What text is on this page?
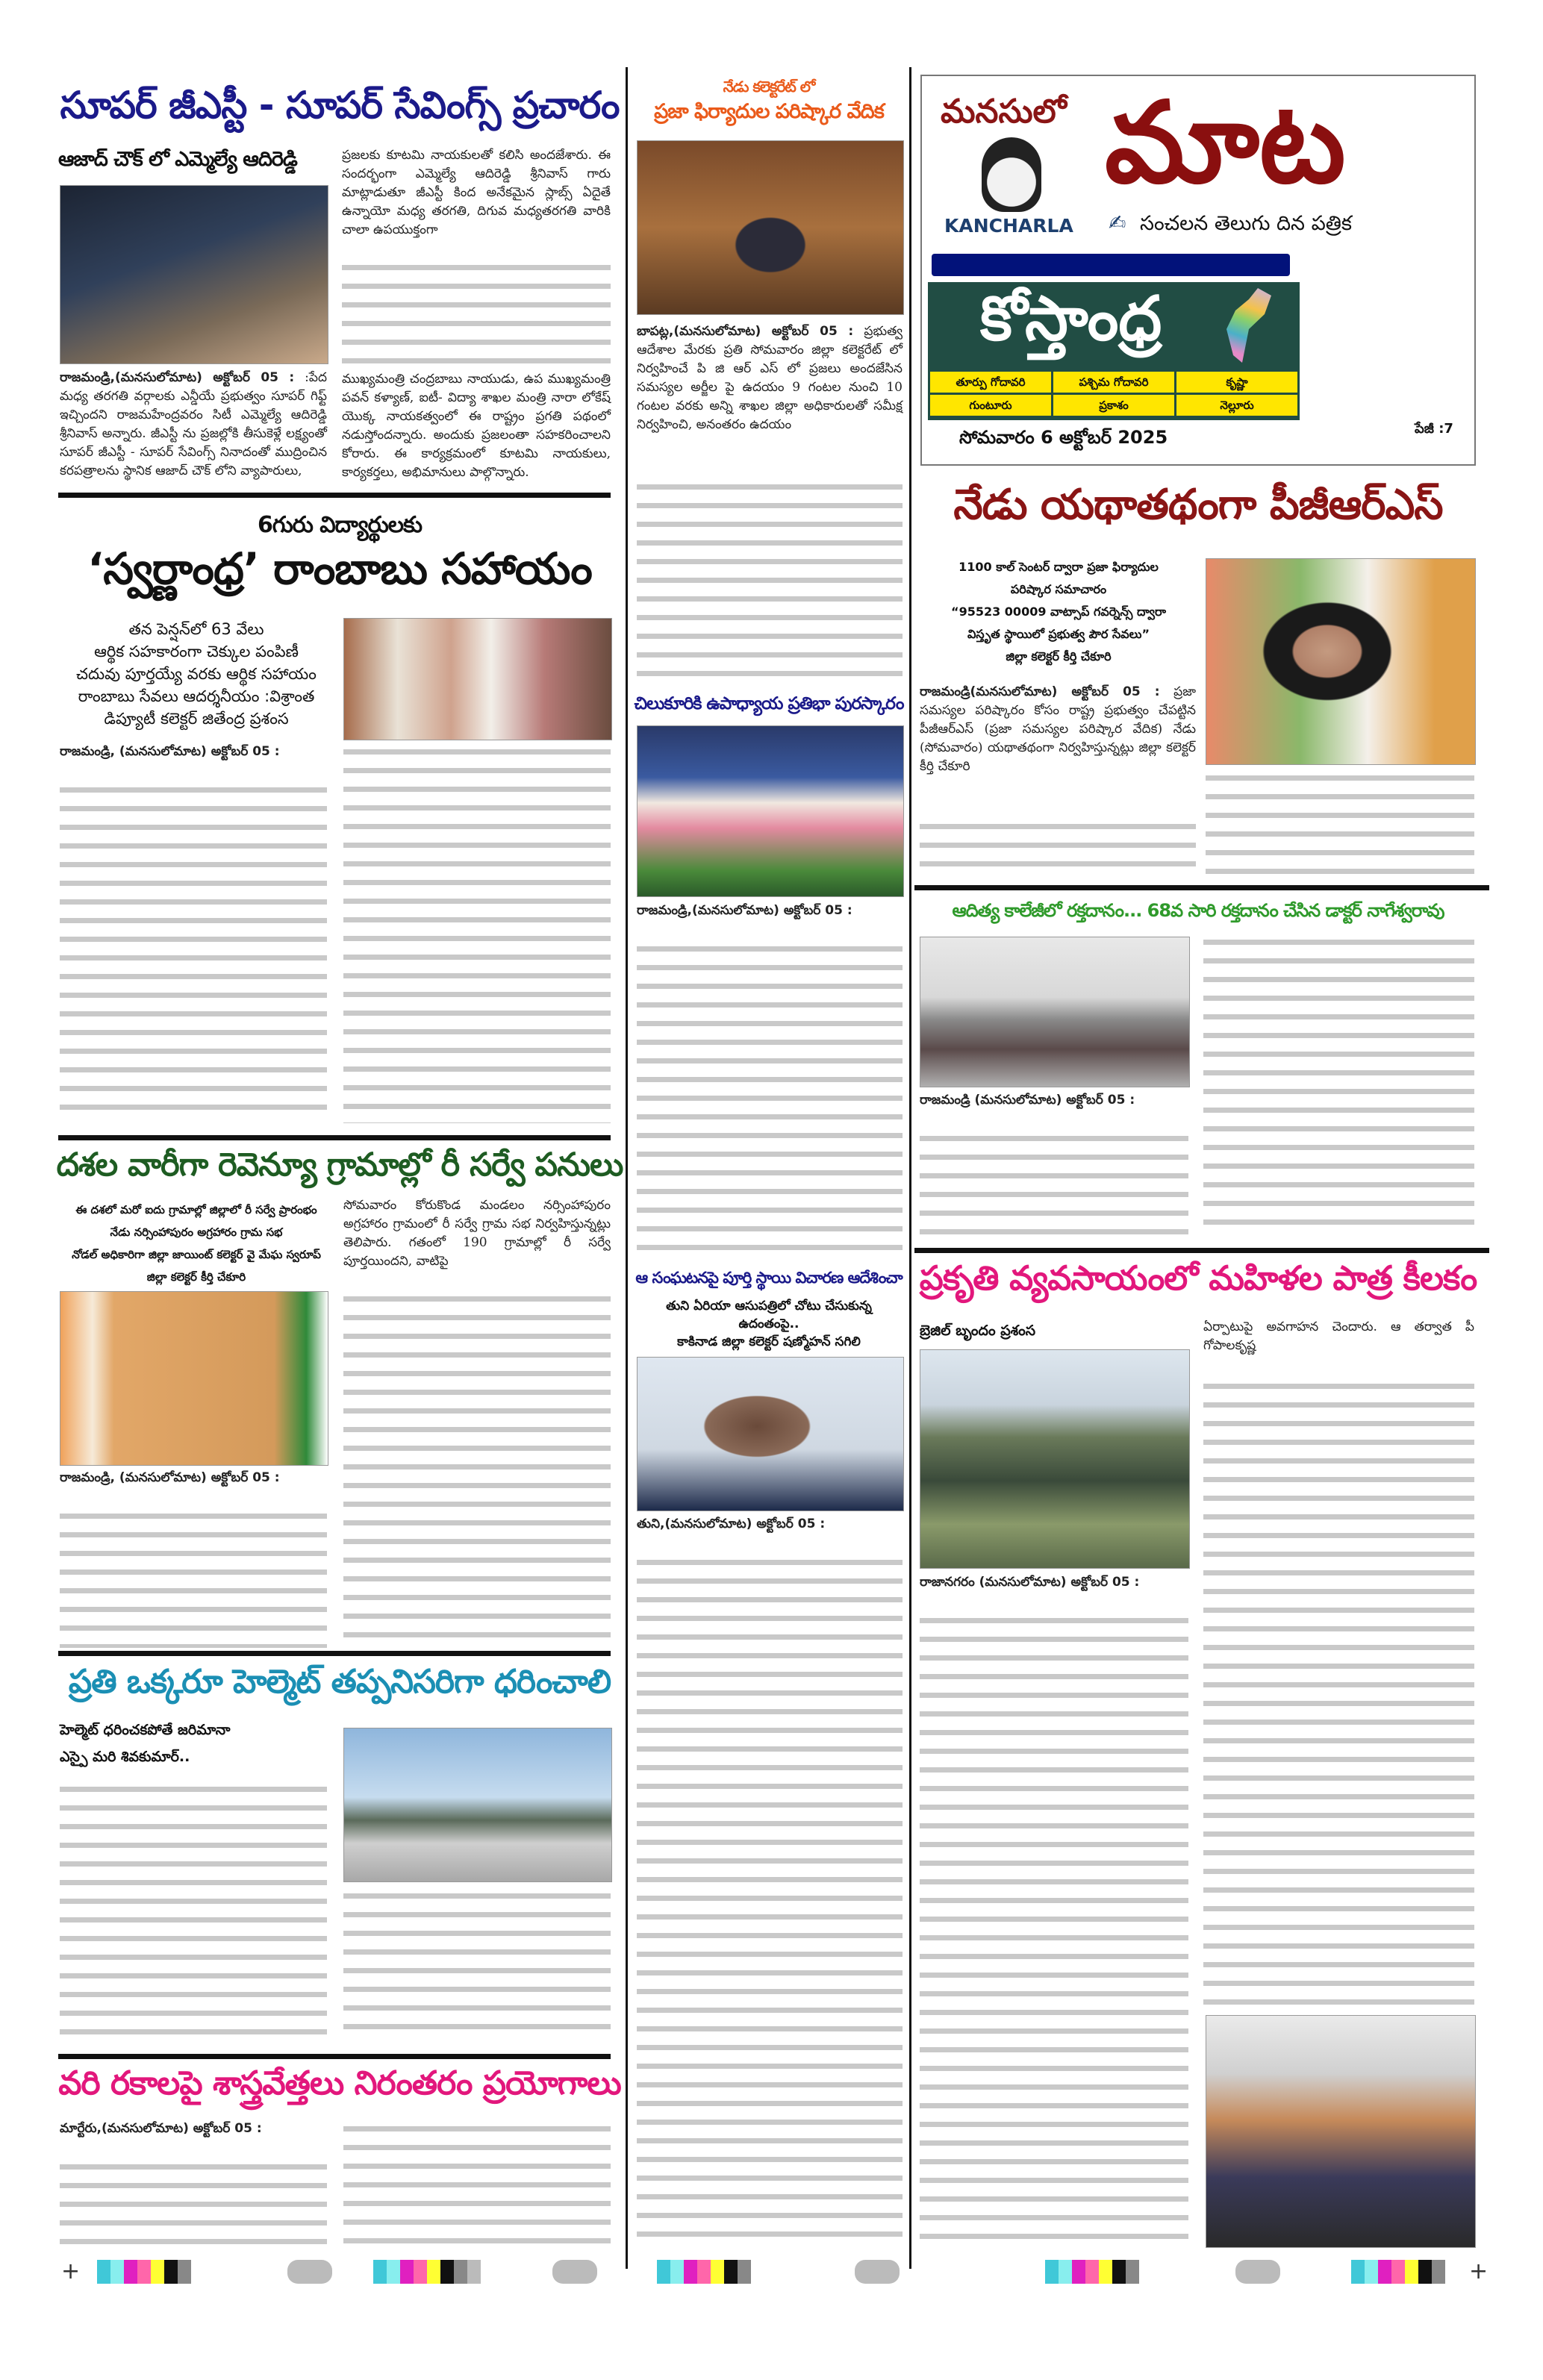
సూపర్ జీఎస్టీ - సూపర్ సేవింగ్స్ ప్రచారం
ఆజాద్ చౌక్ లో ఎమ్మెల్యే ఆదిరెడ్డి
రాజమండ్రి,(మనసులోమాట) అక్టోబర్ 05 : :పేద మధ్య తరగతి వర్గాలకు ఎన్డీయే ప్రభుత్వం సూపర్ గిఫ్ట్ ఇచ్చిందని రాజమహేంద్రవరం సిటీ ఎమ్మెల్యే ఆదిరెడ్డి శ్రీనివాస్ అన్నారు. జీఎస్టీ ను ప్రజల్లోకి తీసుకెళ్లే లక్ష్యంతో సూపర్ జీఎస్టీ - సూపర్ సేవింగ్స్ నినాదంతో ముద్రించిన కరపత్రాలను స్థానిక ఆజాద్ చౌక్ లోని వ్యాపారులు,
ప్రజలకు కూటమి నాయకులతో కలిసి అందజేశారు. ఈ సందర్భంగా ఎమ్మెల్యే ఆదిరెడ్డి శ్రీనివాస్ గారు మాట్లాడుతూ జీఎస్టీ కింద అనేకమైన స్లాబ్స్ ఏదైతే ఉన్నాయో మధ్య తరగతి, దిగువ మధ్యతరగతి వారికి చాలా ఉపయుక్తంగా
ముఖ్యమంత్రి చంద్రబాబు నాయుడు, ఉప ముఖ్యమంత్రి పవన్ కళ్యాణ్, ఐటీ- విద్యా శాఖల మంత్రి నారా లోకేష్ యొక్క నాయకత్వంలో ఈ రాష్ట్రం ప్రగతి పథంలో నడుస్తోందన్నారు. అందుకు ప్రజలంతా సహకరించాలని కోరారు. ఈ కార్యక్రమంలో కూటమి నాయకులు, కార్యకర్తలు, అభిమానులు పాల్గొన్నారు.
6గురు విద్యార్థులకు
‘స్వర్ణాంధ్ర’ రాంబాబు సహాయం
తన పెన్షన్‌లో 63 వేలు
ఆర్థిక సహకారంగా చెక్కుల పంపిణీ
చదువు పూర్తయ్యే వరకు ఆర్థిక సహాయం
రాంబాబు సేవలు ఆదర్శనీయం :విశ్రాంత
డిప్యూటీ కలెక్టర్ జితేంద్ర ప్రశంస
రాజమండ్రి, (మనసులోమాట) అక్టోబర్ 05 :
దశల వారీగా రెవెన్యూ గ్రామాల్లో రీ సర్వే పనులు
ఈ దశలో మరో ఐదు గ్రామాల్లో జిల్లాలో రీ సర్వే ప్రారంభం
నేడు నర్సింహాపురం అగ్రహారం గ్రామ సభ
నోడల్ అధికారిగా జిల్లా జాయింట్ కలెక్టర్ వై మేఘ స్వరూప్
జిల్లా కలెక్టర్ కీర్తి చేకూరి
రాజమండ్రి, (మనసులోమాట) అక్టోబర్ 05 :
సోమవారం కోరుకొండ మండలం నర్సింహాపురం అగ్రహారం గ్రామంలో రీ సర్వే గ్రామ సభ నిర్వహిస్తున్నట్లు తెలిపారు. గతంలో 190 గ్రామాల్లో రీ సర్వే పూర్తయిందని, వాటిపై
ప్రతి ఒక్కరూ హెల్మెట్ తప్పనిసరిగా ధరించాలి
హెల్మెట్ ధరించకపోతే జరిమానా
ఎస్పై మరి శివకుమార్..
వరి రకాలపై శాస్త్రవేత్తలు నిరంతరం ప్రయోగాలు
మార్టేరు,(మనసులోమాట) అక్టోబర్ 05 :
నేడు కలెక్టరేట్ లో
ప్రజా ఫిర్యాదుల పరిష్కార వేదిక
బాపట్ల,(మనసులోమాట) అక్టోబర్ 05 : ప్రభుత్వ ఆదేశాల మేరకు ప్రతి సోమవారం జిల్లా కలెక్టరేట్ లో నిర్వహించే పి జి ఆర్ ఎస్ లో ప్రజలు అందజేసిన సమస్యల అర్జీల పై ఉదయం 9 గంటల నుంచి 10 గంటల వరకు అన్ని శాఖల జిల్లా అధికారులతో సమీక్ష నిర్వహించి, అనంతరం ఉదయం
చిలుకూరికి ఉపాధ్యాయ ప్రతిభా పురస్కారం
రాజమండ్రి,(మనసులోమాట) అక్టోబర్ 05 :
ఆ సంఘటనపై పూర్తి స్థాయి విచారణ ఆదేశించా
తుని ఏరియా ఆసుపత్రిలో చోటు చేసుకున్న
ఉదంతంపై..
కాకినాడ జిల్లా కలెక్టర్ షణ్మోహన్ సగిలి
తుని,(మనసులోమాట) అక్టోబర్ 05 :
మనసులో
KANCHARLA
మాట
✍ సంచలన తెలుగు దిన పత్రిక
కోస్తాంధ్ర
తూర్పు గోదావరి	పశ్చిమ గోదావరి	కృష్ణా
గుంటూరు	ప్రకాశం	నెల్లూరు
సోమవారం 6 అక్టోబర్ 2025	పేజీ :7
నేడు యథాతథంగా పీజీఆర్ఎస్
1100 కాల్ సెంటర్ ద్వారా ప్రజా ఫిర్యాదుల
పరిష్కార సమాచారం
“95523 00009 వాట్సాప్ గవర్నెన్స్ ద్వారా
విస్తృత స్థాయిలో ప్రభుత్వ పౌర సేవలు”
జిల్లా కలెక్టర్ కీర్తి చేకూరి
రాజమండ్రి(మనసులోమాట) అక్టోబర్ 05 : ప్రజా సమస్యల పరిష్కారం కోసం రాష్ట్ర ప్రభుత్వం చేపట్టిన పీజీఆర్ఎస్ (ప్రజా సమస్యల పరిష్కార వేదిక) నేడు (సోమవారం) యథాతథంగా నిర్వహిస్తున్నట్లు జిల్లా కలెక్టర్ కీర్తి చేకూరి
ఆదిత్య కాలేజీలో రక్తదానం... 68వ సారి రక్తదానం చేసిన డాక్టర్ నాగేశ్వరావు
రాజమండ్రి (మనసులోమాట) అక్టోబర్ 05 :
ప్రకృతి వ్యవసాయంలో మహిళల పాత్ర కీలకం
బ్రెజిల్ బృందం ప్రశంస
రాజానగరం (మనసులోమాట) అక్టోబర్ 05 :
ఏర్పాటుపై అవగాహన చెందారు. ఆ తర్వాత పీ గోపాలకృష్ణ
+	+
